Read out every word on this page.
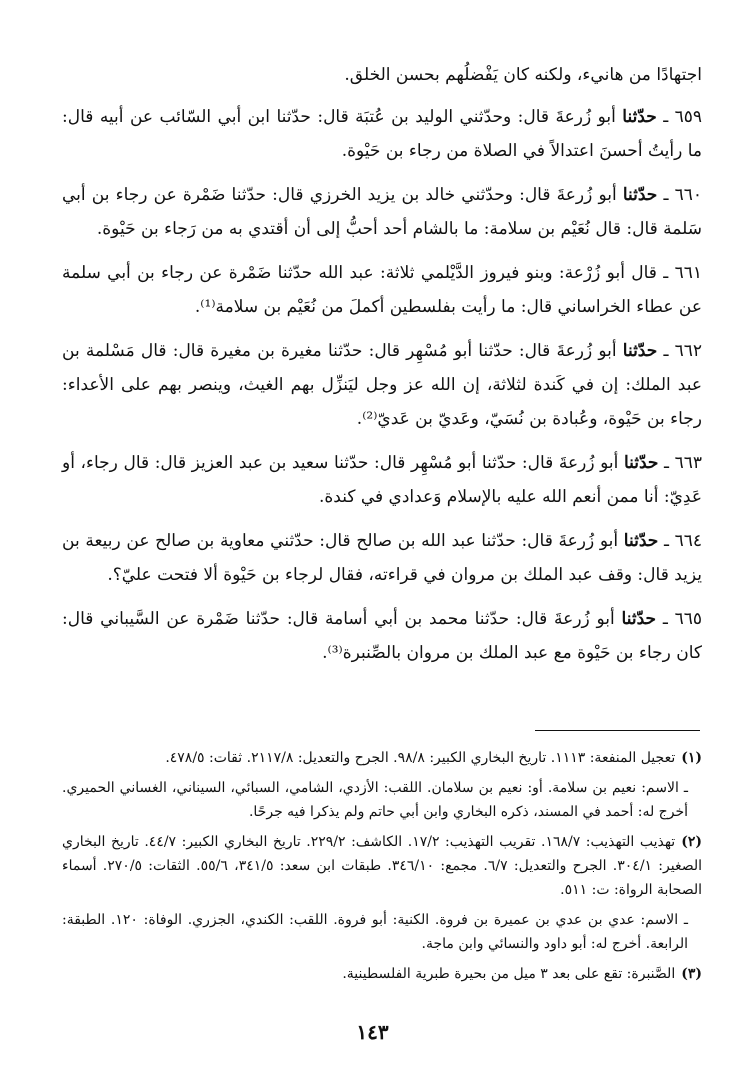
اجتهادًا من هانيء، ولكنه كان يَفْضلُهم بحسن الخلق.

٦٥٩ ـ حدّثنا أبو زُرعةَ قال: وحدّثني الوليد بن عُتبَة قال: حدّثنا ابن أبي السّائب عن أبيه قال: ما رأيتُ أحسنَ اعتدالاً في الصلاة من رجاء بن حَيْوة.

٦٦٠ ـ حدّثنا أبو زُرعةَ قال: وحدّثني خالد بن يزيد الخرزي قال: حدّثنا ضَمْرة عن رجاء بن أبي سَلمة قال: قال نُعَيْم بن سلامة: ما بالشام أحد أحبُّ إلى أن أقتدي به من رَجاء بن حَيْوة.

٦٦١ ـ قال أبو زُرْعة: وبنو فيروز الدَّيْلمي ثلاثة: عبد الله حدّثنا ضَمْرة عن رجاء بن أبي سلمة عن عطاء الخراساني قال: ما رأيت بفلسطين أكملَ من نُعَيْم بن سلامة⁽¹⁾.

٦٦٢ ـ حدّثنا أبو زُرعةَ قال: حدّثنا أبو مُسْهِر قال: حدّثنا مغيرة بن مغيرة قال: قال مَسْلمة بن عبد الملك: إن في كَندة لثلاثة، إن الله عز وجل ليَنزِّل بهم الغيث، وينصر بهم على الأعداء: رجاء بن حَيْوة، وعُبادة بن نُسَيّ، وعَديّ بن عَديّ⁽²⁾.

٦٦٣ ـ حدّثنا أبو زُرعةَ قال: حدّثنا أبو مُسْهِر قال: حدّثنا سعيد بن عبد العزيز قال: قال رجاء، أو عَدِيّ: أنا ممن أنعم الله عليه بالإسلام وَعدادي في كندة.

٦٦٤ ـ حدّثنا أبو زُرعةَ قال: حدّثنا عبد الله بن صالح قال: حدّثني معاوية بن صالح عن ربيعة بن يزيد قال: وقف عبد الملك بن مروان في قراءته، فقال لرجاء بن حَيْوة ألا فتحت عليّ؟.

٦٦٥ ـ حدّثنا أبو زُرعةَ قال: حدّثنا محمد بن أبي أسامة قال: حدّثنا ضَمْرة عن السَّيباني قال: كان رجاء بن حَيْوة مع عبد الملك بن مروان بالصِّنبرة⁽³⁾.

(١)تعجيل المنفعة: ١١١٣. تاريخ البخاري الكبير: ٩٨/٨. الجرح والتعديل: ٢١١٧/٨. ثقات: ٤٧٨/٥.

ـ الاسم: نعيم بن سلامة. أو: نعيم بن سلامان. اللقب: الأزدي، الشامي، السبائي، السيناني، الغساني الحميري. أخرج له: أحمد في المسند، ذكره البخاري وابن أبي حاتم ولم يذكرا فيه جرحًا.

(٢)تهذيب التهذيب: ١٦٨/٧. تقريب التهذيب: ١٧/٢. الكاشف: ٢٢٩/٢. تاريخ البخاري الكبير: ٤٤/٧. تاريخ البخاري الصغير: ٣٠٤/١. الجرح والتعديل: ٦/٧. مجمع: ٣٤٦/١٠. طبقات ابن سعد: ٣٤١/٥، ٥٥/٦. الثقات: ٢٧٠/٥. أسماء الصحابة الرواة: ت: ٥١١.

ـ الاسم: عدي بن عدي بن عميرة بن فروة. الكنية: أبو فروة. اللقب: الكندي، الجزري. الوفاة: ١٢٠. الطبقة: الرابعة. أخرج له: أبو داود والنسائي وابن ماجة.

(٣)الصَّنبرة: تقع على بعد ٣ ميل من بحيرة طبرية الفلسطينية.

١٤٣
